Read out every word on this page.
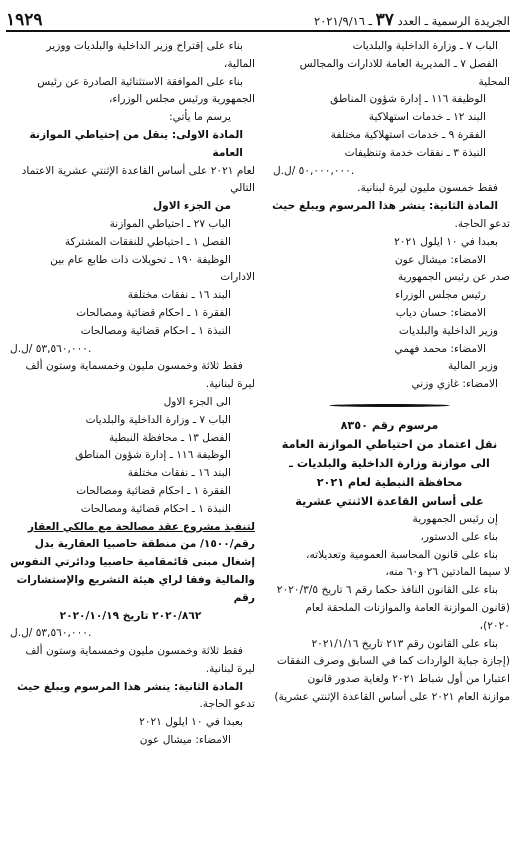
الجريدة الرسمية ـ العدد ٣٧ ـ ٢٠٢١/٩/١٦
١٩٢٩
الباب ٧ ـ وزارة الداخلية والبلديات
الفصل ٧ ـ المديرية العامة للادارات والمجالس
المحلية
الوظيفة ١١٦ ـ إدارة شؤون المناطق
البند ١٢ ـ خدمات استهلاكية
الفقرة ٩ ـ خدمات استهلاكية مختلفة
النبذة ٣ ـ نفقات خدمة وتنظيفات
٥٠,٠٠٠,٠٠٠ /ل.ل.
فقط خمسون مليون ليرة لبنانية.
المادة الثانية: ينشر هذا المرسوم ويبلغ حيث
تدعو الحاجة.
بعبدا في ١٠ ايلول ٢٠٢١
الامضاء: ميشال عون
صدر عن رئيس الجمهورية
رئيس مجلس الوزراء
الامضاء: حسان دياب
وزير الداخلية والبلديات
الامضاء: محمد فهمي
وزير المالية
الامضاء: غازي وزني
مرسوم رقم ٨٣٥٠
نقل اعتماد من احتياطي الموازنة العامة
الى موازنة وزارة الداخلية والبلديات ـ
محافظة النبطية لعام ٢٠٢١
على أساس القاعدة الاثنتي عشرية
إن رئيس الجمهورية
بناء على الدستور،
بناء على قانون المحاسبة العمومية وتعديلاته،
لا سيما المادتين ٢٦ و٦٠ منه،
بناء على القانون النافذ حكما رقم ٦ تاريخ ٢٠٢٠/٣/٥
(قانون الموازنة العامة والموازنات الملحقة لعام
٢٠٢٠)،
بناء على القانون رقم ٢١٣ تاريخ ٢٠٢١/١/١٦
(إجازة جباية الواردات كما في السابق وصرف النفقات
اعتبارا من أول شباط ٢٠٢١ ولغاية صدور قانون
موازنة العام ٢٠٢١ على أساس القاعدة الإثنتي عشرية)
بناء على إقتراح وزير الداخلية والبلديات ووزير
المالية،
بناء على الموافقة الاستثنائية الصادرة عن رئيس
الجمهورية ورئيس مجلس الوزراء،
يرسم ما يأتي:
المادة الاولى: ينقل من إحتياطي الموازنة العامة
لعام ٢٠٢١ على أساس القاعدة الإثنتي عشرية الاعتماد
التالي
من الجزء الاول
الباب ٢٧ ـ احتياطي الموازنة
الفصل ١ ـ احتياطي للنفقات المشتركة
الوظيفة ١٩٠ ـ تحويلات ذات طابع عام بين
الادارات
البند ١٦ ـ نفقات مختلفة
الفقرة ١ ـ احكام قضائية ومصالحات
النبذة ١ ـ احكام قضائية ومصالحات
٥٣,٥٦٠,٠٠٠ /ل.ل.
فقط ثلاثة وخمسون مليون وخمسماية وستون ألف
ليرة لبنانية.
الى الجزء الاول
الباب ٧ ـ وزارة الداخلية والبلديات
الفصل ١٣ ـ محافظة النبطية
الوظيفة ١١٦ ـ إدارة شؤون المناطق
البند ١٦ ـ نفقات مختلفة
الفقرة ١ ـ احكام قضائية ومصالحات
النبذة ١ ـ احكام قضائية ومصالحات
لتنفيذ مشروع عقد مصالحة مع مالكي العقار
رقم/١٥٠٠/ من منطقة حاصبيا العقارية بدل
إشغال مبنى قائمقامية حاصبيا ودائرتي النفوس
والمالية وفقا لراي هيئة التشريع والإستشارات رقم
٢٠٢٠/٨٦٢ تاريخ ٢٠٢٠/١٠/١٩
٥٣,٥٦٠,٠٠٠ /ل.ل.
فقط ثلاثة وخمسون مليون وخمسماية وستون ألف
ليرة لبنانية.
المادة الثانية: ينشر هذا المرسوم ويبلغ حيث
تدعو الحاجة.
بعبدا في ١٠ ايلول ٢٠٢١
الامضاء: ميشال عون
